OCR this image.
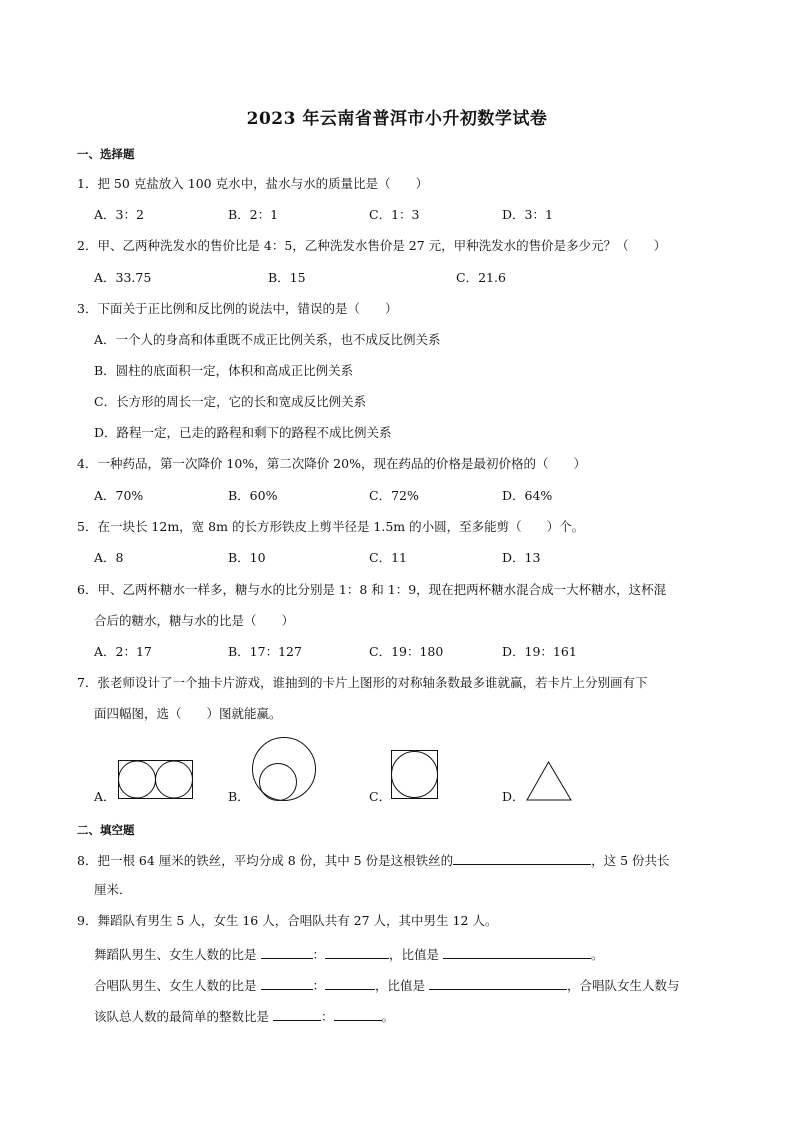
2023 年云南省普洱市小升初数学试卷
一、选择题
1．把 50 克盐放入 100 克水中，盐水与水的质量比是（　　）
A．3：2	B．2：1	C．1：3	D．3：1
2．甲、乙两种洗发水的售价比是 4：5，乙种洗发水售价是 27 元，甲种洗发水的售价是多少元？（　　）
A．33.75	B．15	C．21.6
3．下面关于正比例和反比例的说法中，错误的是（　　）
A．一个人的身高和体重既不成正比例关系，也不成反比例关系
B．圆柱的底面积一定，体积和高成正比例关系
C．长方形的周长一定，它的长和宽成反比例关系
D．路程一定，已走的路程和剩下的路程不成比例关系
4．一种药品，第一次降价 10%，第二次降价 20%，现在药品的价格是最初价格的（　　）
A．70%	B．60%	C．72%	D．64%
5．在一块长 12m，宽 8m 的长方形铁皮上剪半径是 1.5m 的小圆，至多能剪（　　）个。
A．8	B．10	C．11	D．13
6．甲、乙两杯糖水一样多，糖与水的比分别是 1：8 和 1：9，现在把两杯糖水混合成一大杯糖水，这杯混
合后的糖水，糖与水的比是（　　）
A．2：17	B．17：127	C．19：180	D．19：161
7．张老师设计了一个抽卡片游戏，谁抽到的卡片上图形的对称轴条数最多谁就赢，若卡片上分别画有下
面四幅图，选（　　）图就能赢。
A．	B．	C．	D．
二、填空题
8．把一根 64 厘米的铁丝，平均分成 8 份，其中 5 份是这根铁丝的	，这 5 份共长
厘米．
9．舞蹈队有男生 5 人，女生 16 人，合唱队共有 27 人，其中男生 12 人。
舞蹈队男生、女生人数的比是	：	，比值是	。
合唱队男生、女生人数的比是	：	，比值是	，合唱队女生人数与
该队总人数的最简单的整数比是	：	。
